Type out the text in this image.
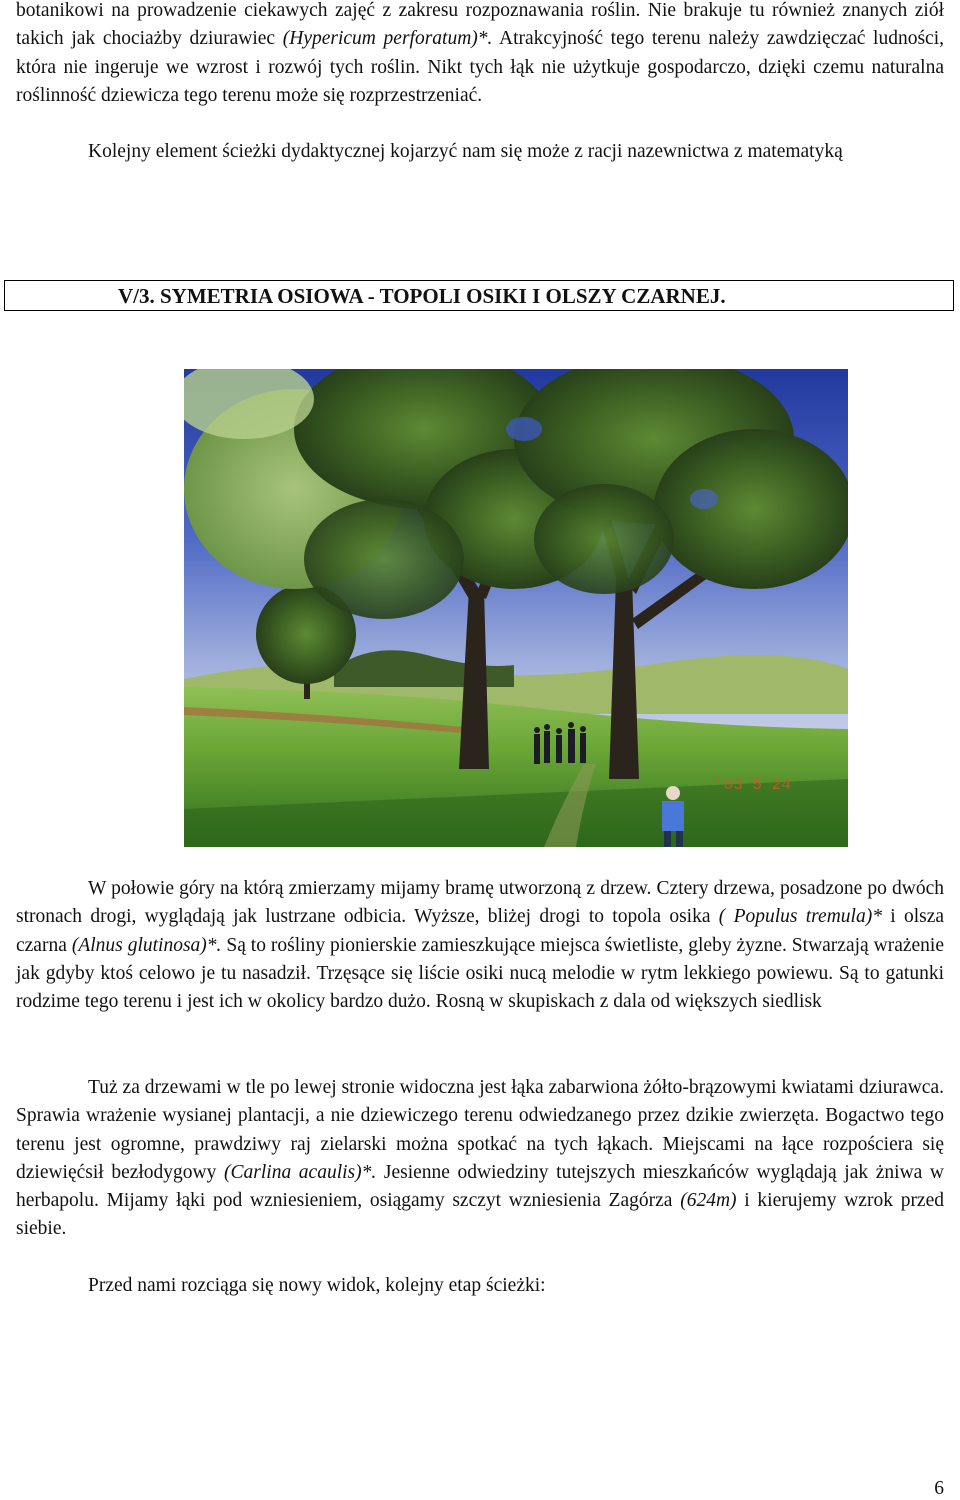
botanikowi na prowadzenie ciekawych zajęć z zakresu rozpoznawania roślin. Nie brakuje tu również znanych ziół takich jak chociażby dziurawiec (Hypericum perforatum)*. Atrakcyjność tego terenu należy zawdzięczać ludności, która nie ingeruje we wzrost i rozwój tych roślin. Nikt tych łąk nie użytkuje gospodarczo, dzięki czemu naturalna roślinność dziewicza tego terenu może się rozprzestrzeniać.

Kolejny element ścieżki dydaktycznej kojarzyć nam się może z racji nazewnictwa z matematyką

V/3. SYMETRIA OSIOWA - TOPOLI OSIKI I OLSZY CZARNEJ.
'03 5 24

W połowie góry na którą zmierzamy mijamy bramę utworzoną z drzew. Cztery drzewa, posadzone po dwóch stronach drogi, wyglądają jak lustrzane odbicia. Wyższe, bliżej drogi to topola osika ( Populus tremula)* i olsza czarna (Alnus glutinosa)*. Są to rośliny pionierskie zamieszkujące miejsca świetliste, gleby żyzne. Stwarzają wrażenie jak gdyby ktoś celowo je tu nasadził. Trzęsące się liście osiki nucą melodie w rytm lekkiego powiewu. Są to gatunki rodzime tego terenu i jest ich w okolicy bardzo dużo. Rosną w skupiskach z dala od większych siedlisk

Tuż za drzewami w tle po lewej stronie widoczna jest łąka zabarwiona żółto-brązowymi kwiatami dziurawca. Sprawia wrażenie wysianej plantacji, a nie dziewiczego terenu odwiedzanego przez dzikie zwierzęta. Bogactwo tego terenu jest ogromne, prawdziwy raj zielarski można spotkać na tych łąkach. Miejscami na łące rozpościera się dziewięćsił bezłodygowy (Carlina acaulis)*. Jesienne odwiedziny tutejszych mieszkańców wyglądają jak żniwa w herbapolu. Mijamy łąki pod wzniesieniem, osiągamy szczyt wzniesienia Zagórza (624m) i kierujemy wzrok przed siebie.

Przed nami rozciąga się nowy widok, kolejny etap ścieżki:

6
